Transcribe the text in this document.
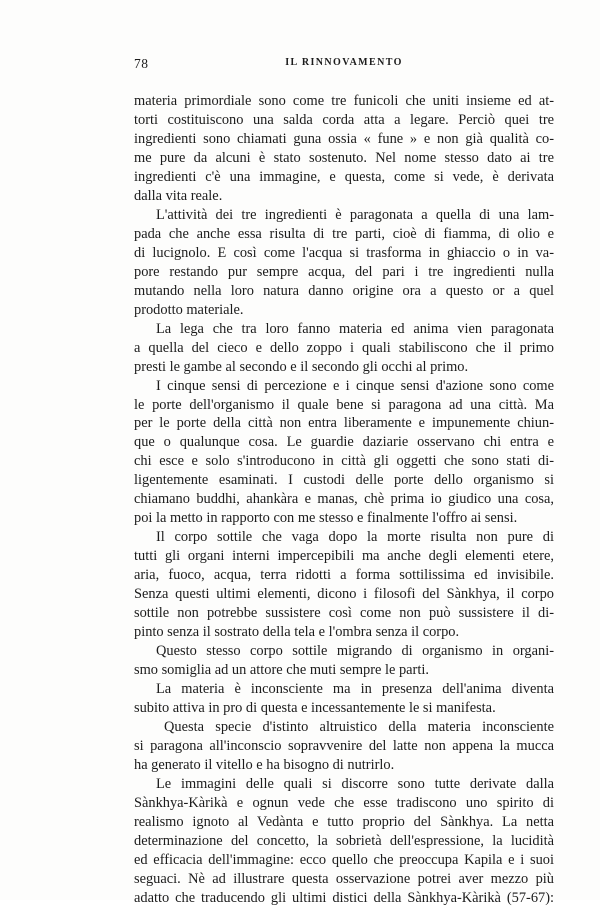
78	IL RINNOVAMENTO
materia primordiale sono come tre funicoli che uniti insieme ed at-
torti costituiscono una salda corda atta a legare. Perciò quei tre
ingredienti sono chiamati guna ossia « fune » e non già qualità co-
me pure da alcuni è stato sostenuto. Nel nome stesso dato ai tre
ingredienti c'è una immagine, e questa, come si vede, è derivata
dalla vita reale.
L'attività dei tre ingredienti è paragonata a quella di una lam-
pada che anche essa risulta di tre parti, cioè di fiamma, di olio e
di lucignolo. E così come l'acqua si trasforma in ghiaccio o in va-
pore restando pur sempre acqua, del pari i tre ingredienti nulla
mutando nella loro natura danno origine ora a questo or a quel
prodotto materiale.
La lega che tra loro fanno materia ed anima vien paragonata
a quella del cieco e dello zoppo i quali stabiliscono che il primo
presti le gambe al secondo e il secondo gli occhi al primo.
I cinque sensi di percezione e i cinque sensi d'azione sono come
le porte dell'organismo il quale bene si paragona ad una città. Ma
per le porte della città non entra liberamente e impunemente chiun-
que o qualunque cosa. Le guardie daziarie osservano chi entra e
chi esce e solo s'introducono in città gli oggetti che sono stati di-
ligentemente esaminati. I custodi delle porte dello organismo si
chiamano buddhi, ahankàra e manas, chè prima io giudico una cosa,
poi la metto in rapporto con me stesso e finalmente l'offro ai sensi.
Il corpo sottile che vaga dopo la morte risulta non pure di
tutti gli organi interni impercepibili ma anche degli elementi etere,
aria, fuoco, acqua, terra ridotti a forma sottilissima ed invisibile.
Senza questi ultimi elementi, dicono i filosofi del Sànkhya, il corpo
sottile non potrebbe sussistere così come non può sussistere il di-
pinto senza il sostrato della tela e l'ombra senza il corpo.
Questo stesso corpo sottile migrando di organismo in organi-
smo somiglia ad un attore che muti sempre le parti.
La materia è inconsciente ma in presenza dell'anima diventa
subito attiva in pro di questa e incessantemente le si manifesta.
Questa specie d'istinto altruistico della materia inconsciente
si paragona all'inconscio sopravvenire del latte non appena la mucca
ha generato il vitello e ha bisogno di nutrirlo.
Le immagini delle quali si discorre sono tutte derivate dalla
Sànkhya-Kàrikà e ognun vede che esse tradiscono uno spirito di
realismo ignoto al Vedànta e tutto proprio del Sànkhya. La netta
determinazione del concetto, la sobrietà dell'espressione, la lucidità
ed efficacia dell'immagine: ecco quello che preoccupa Kapila e i suoi
seguaci. Nè ad illustrare questa osservazione potrei aver mezzo più
adatto che traducendo gli ultimi distici della Sànkhya-Kàrikà (57-67):
